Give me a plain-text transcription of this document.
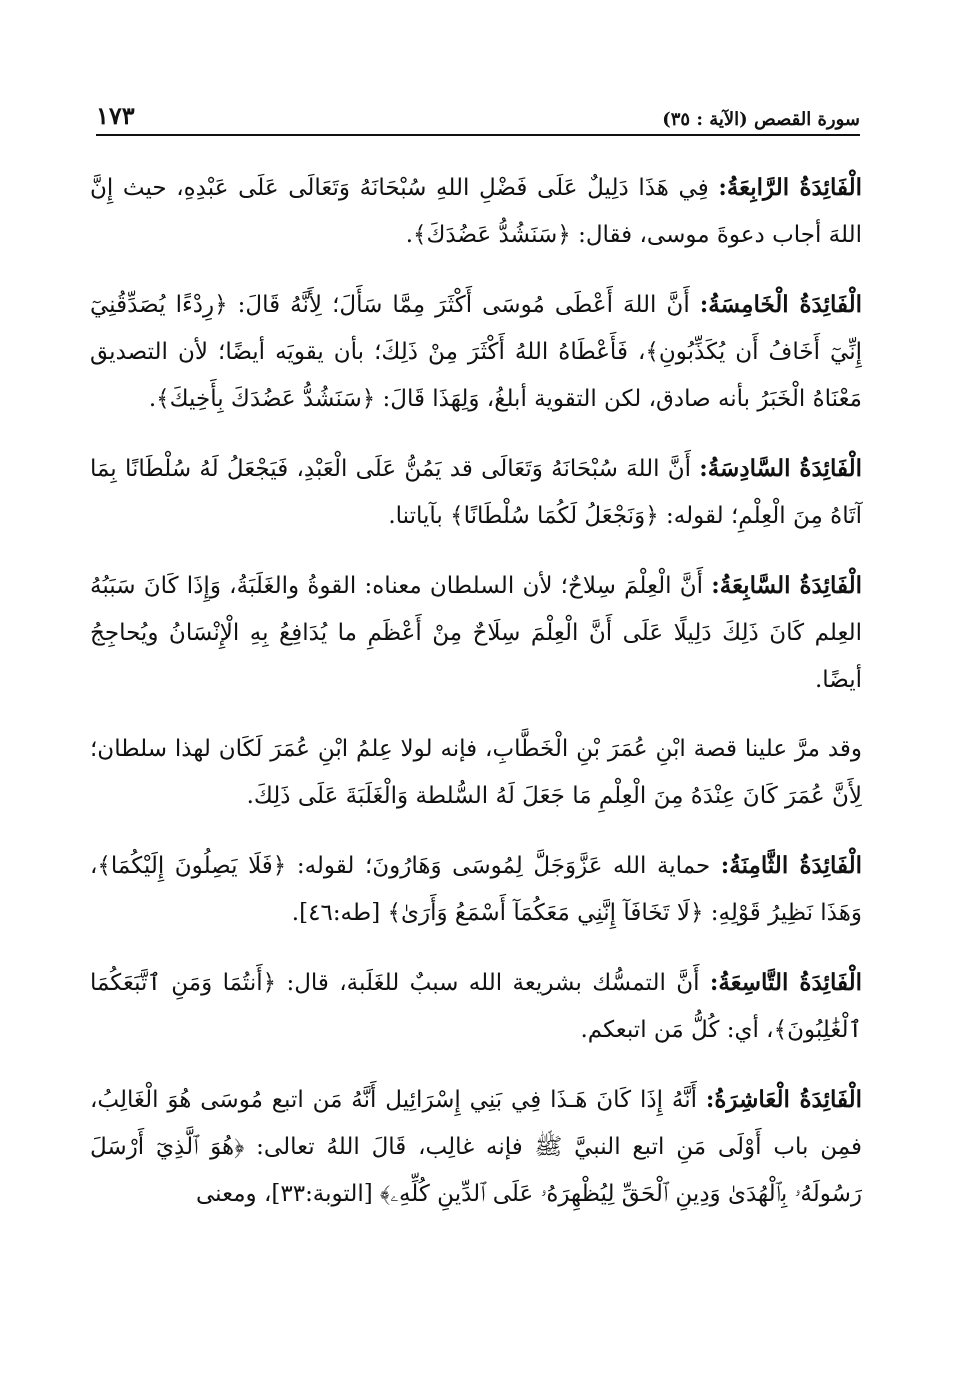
سورة القصص (الآية : ٣٥)
١٧٣

الْفَائِدَةُ الرَّابِعَةُ: فِي هَذَا دَلِيلٌ عَلَى فَضْلِ اللهِ سُبْحَانَهُ وَتَعَالَى عَلَى عَبْدِهِ، حيث إِنَّ اللهَ أجاب دعوةَ موسى، فقال: ﴿سَنَشُدُّ عَضُدَكَ﴾.

الْفَائِدَةُ الْخَامِسَةُ: أَنَّ اللهَ أَعْطَى مُوسَى أَكْثَرَ مِمَّا سَأَلَ؛ لِأَنَّهُ قَالَ: ﴿رِدْءًا يُصَدِّقُنِيٓ إِنِّيٓ أَخَافُ أَن يُكَذِّبُونِ﴾، فَأَعْطَاهُ اللهُ أَكْثَرَ مِنْ ذَلِكَ؛ بأن يقويَه أيضًا؛ لأن التصديق مَعْنَاهُ الْخَبَرُ بأنه صادق، لكن التقوية أبلغُ، وَلِهَذَا قَالَ: ﴿سَنَشُدُّ عَضُدَكَ بِأَخِيكَ﴾.

الْفَائِدَةُ السَّادِسَةُ: أَنَّ اللهَ سُبْحَانَهُ وَتَعَالَى قد يَمُنُّ عَلَى الْعَبْدِ، فَيَجْعَلُ لَهُ سُلْطَانًا بِمَا آتَاهُ مِنَ الْعِلْمِ؛ لقوله: ﴿وَنَجْعَلُ لَكُمَا سُلْطَانًا﴾ بآياتنا.

الْفَائِدَةُ السَّابِعَةُ: أَنَّ الْعِلْمَ سِلاحٌ؛ لأن السلطان معناه: القوةُ والغَلَبَةُ، وَإِذَا كَانَ سَبَبُهُ العِلم كَانَ ذَلِكَ دَلِيلًا عَلَى أَنَّ الْعِلْمَ سِلَاحٌ مِنْ أَعْظَمِ ما يُدَافِعُ بِهِ الْإِنْسَانُ ويُحاجِجُ أيضًا.

وقد مرَّ علينا قصة ابْنِ عُمَرَ بْنِ الْخَطَّابِ، فإنه لولا عِلمُ ابْنِ عُمَرَ لَكَان لهذا سلطان؛ لِأَنَّ عُمَرَ كَانَ عِنْدَهُ مِنَ الْعِلْمِ مَا جَعَلَ لَهُ السُّلطة وَالْغَلَبَةَ عَلَى ذَلِكَ.

الْفَائِدَةُ الثَّامِنَةُ: حماية الله عَزَّوَجَلَّ لِمُوسَى وَهَارُونَ؛ لقوله: ﴿فَلَا يَصِلُونَ إِلَيْكُمَا﴾، وَهَذَا نَظِيرُ قَوْلِهِ: ﴿لَا تَخَافَآ إِنَّنِي مَعَكُمَآ أَسْمَعُ وَأَرَىٰ﴾ [طه:٤٦].

الْفَائِدَةُ التَّاسِعَةُ: أَنَّ التمسُّك بشريعة الله سببٌ للغَلَبة، قال: ﴿أَنتُمَا وَمَنِ ٱتَّبَعَكُمَا ٱلْغَٰلِبُونَ﴾، أي: كُلُّ مَن اتبعكم.

الْفَائِدَةُ الْعَاشِرَةُ: أَنَّهُ إِذَا كَانَ هَـذَا فِي بَنِي إِسْرَائِيل أَنَّهُ مَن اتبع مُوسَى هُوَ الْغَالِبُ، فمِن باب أَوْلَى مَنِ اتبع النبيَّ ﷺ فإنه غالِب، قَالَ اللهُ تعالى: ﴿هُوَ ٱلَّذِيٓ أَرْسَلَ رَسُولَهُۥ بِٱلْهُدَىٰ وَدِينِ ٱلْحَقِّ لِيُظْهِرَهُۥ عَلَى ٱلدِّينِ كُلِّهِۦ﴾ [التوبة:٣٣]، ومعنى
